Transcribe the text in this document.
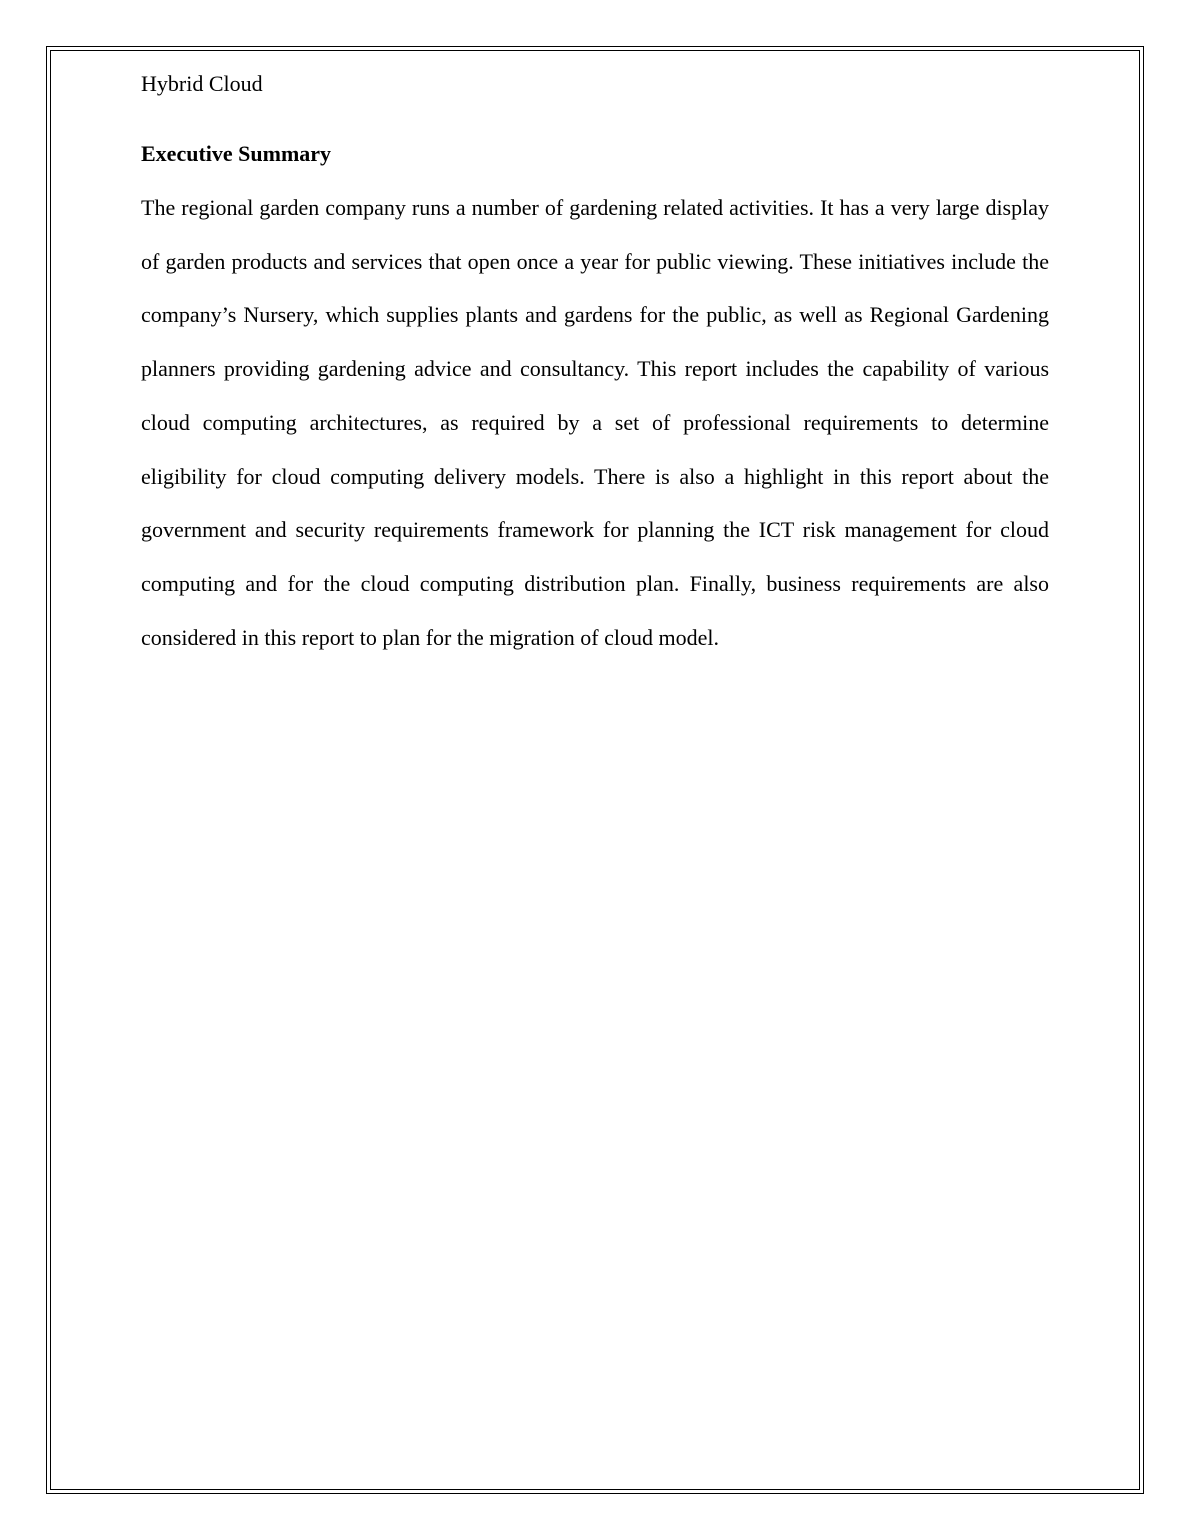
Hybrid Cloud
Executive Summary

The regional garden company runs a number of gardening related activities. It has a very large display of garden products and services that open once a year for public viewing. These initiatives include the company’s Nursery, which supplies plants and gardens for the public, as well as Regional Gardening planners providing gardening advice and consultancy. This report includes the capability of various cloud computing architectures, as required by a set of professional requirements to determine eligibility for cloud computing delivery models. There is also a highlight in this report about the government and security requirements framework for planning the ICT risk management for cloud computing and for the cloud computing distribution plan. Finally, business requirements are also considered in this report to plan for the migration of cloud model.
